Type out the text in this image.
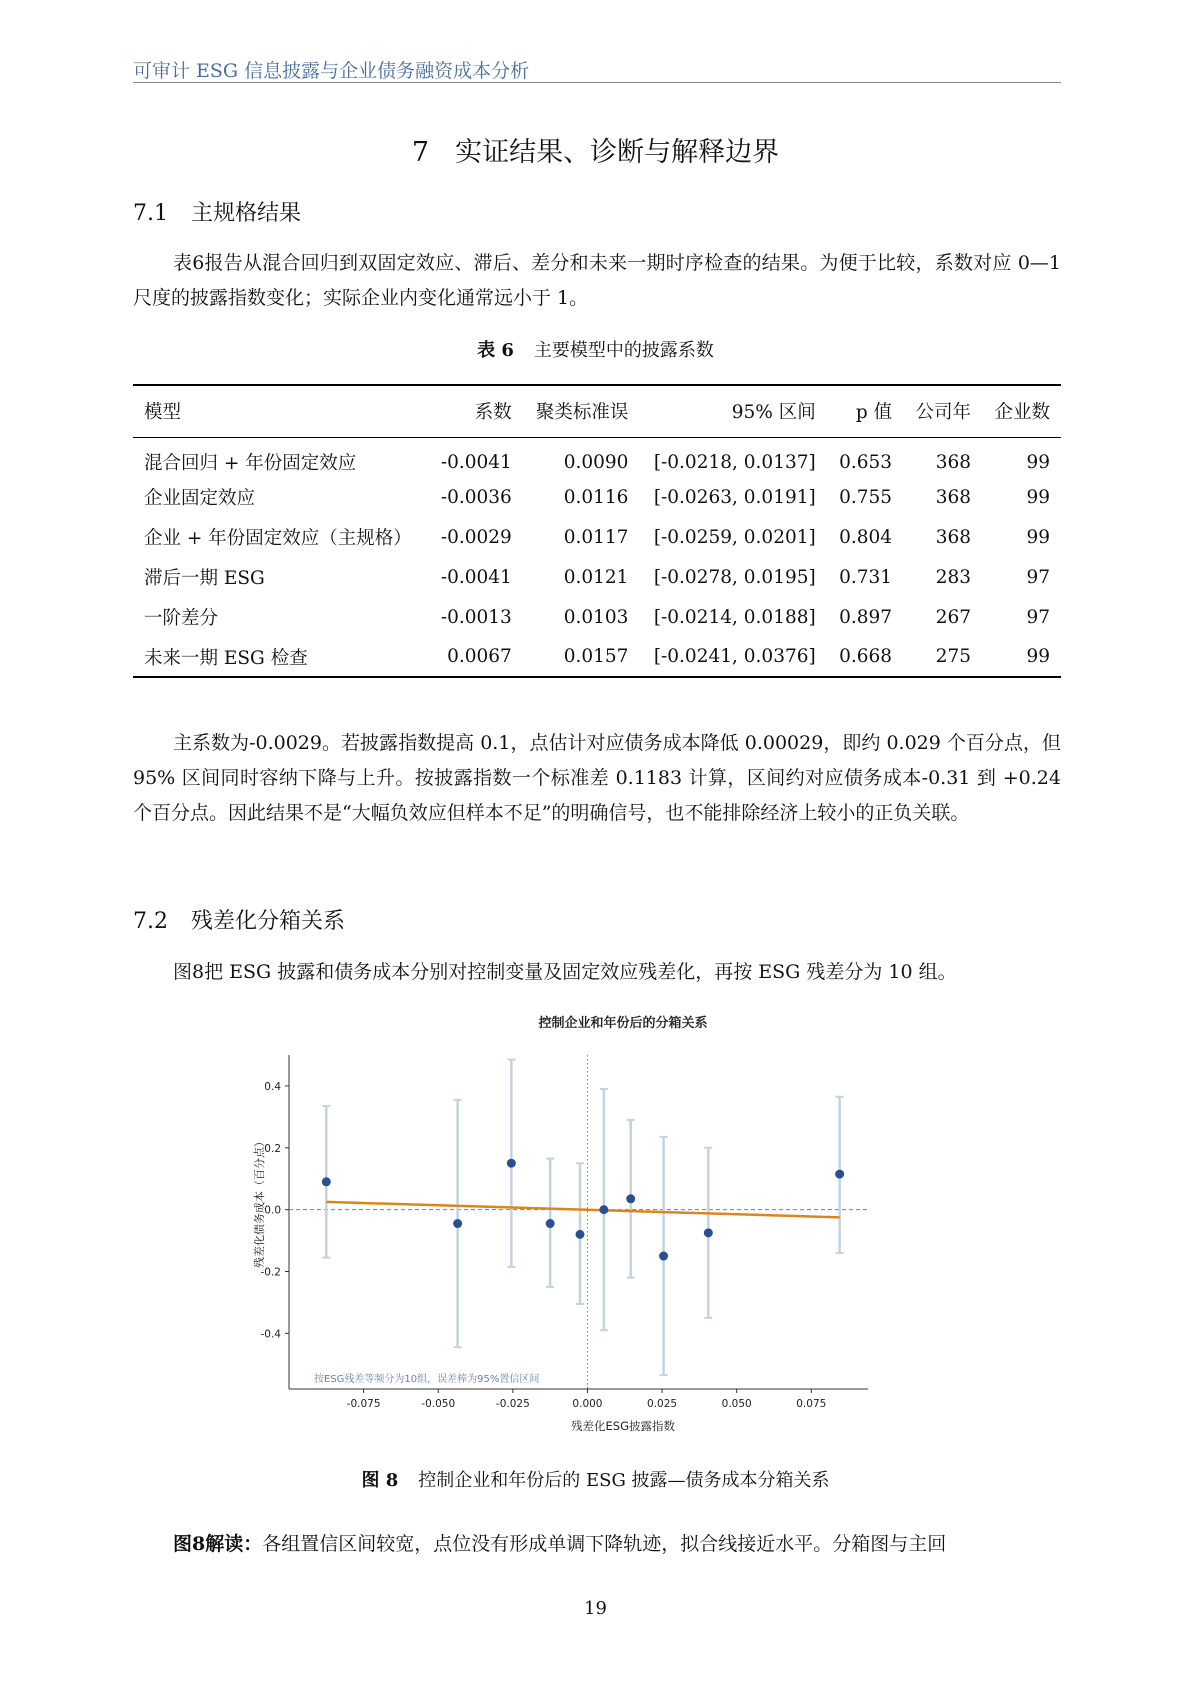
可审计 ESG 信息披露与企业债务融资成本分析
7 实证结果、诊断与解释边界
7.1 主规格结果

表6报告从混合回归到双固定效应、滞后、差分和未来一期时序检查的结果。为便于比较，系数对应 0—1 尺度的披露指数变化；实际企业内变化通常远小于 1。

表 6 主要模型中的披露系数
模型	系数	聚类标准误	95% 区间	p 值	公司年	企业数
混合回归 + 年份固定效应	-0.0041	0.0090	[-0.0218, 0.0137]	0.653	368	99
企业固定效应	-0.0036	0.0116	[-0.0263, 0.0191]	0.755	368	99
企业 + 年份固定效应（主规格）	-0.0029	0.0117	[-0.0259, 0.0201]	0.804	368	99
滞后一期 ESG	-0.0041	0.0121	[-0.0278, 0.0195]	0.731	283	97
一阶差分	-0.0013	0.0103	[-0.0214, 0.0188]	0.897	267	97
未来一期 ESG 检查	0.0067	0.0157	[-0.0241, 0.0376]	0.668	275	99

主系数为-0.0029。若披露指数提高 0.1，点估计对应债务成本降低 0.00029，即约 0.029 个百分点，但 95% 区间同时容纳下降与上升。按披露指数一个标准差 0.1183 计算，区间约对应债务成本-0.31 到 +0.24 个百分点。因此结果不是“大幅负效应但样本不足”的明确信号，也不能排除经济上较小的正负关联。

7.2 残差化分箱关系

图8把 ESG 披露和债务成本分别对控制变量及固定效应残差化，再按 ESG 残差分为 10 组。

控制企业和年份后的分箱关系
-0.075	-0.050	-0.025	0.000	0.025	0.050	0.075
-0.4
-0.2
0.0
0.2
0.4
按ESG残差等频分为10组，误差棒为95%置信区间
残差化ESG披露指数
残差化债务成本（百分点）
图 8 控制企业和年份后的 ESG 披露—债务成本分箱关系

图8解读：各组置信区间较宽，点位没有形成单调下降轨迹，拟合线接近水平。分箱图与主回

19
